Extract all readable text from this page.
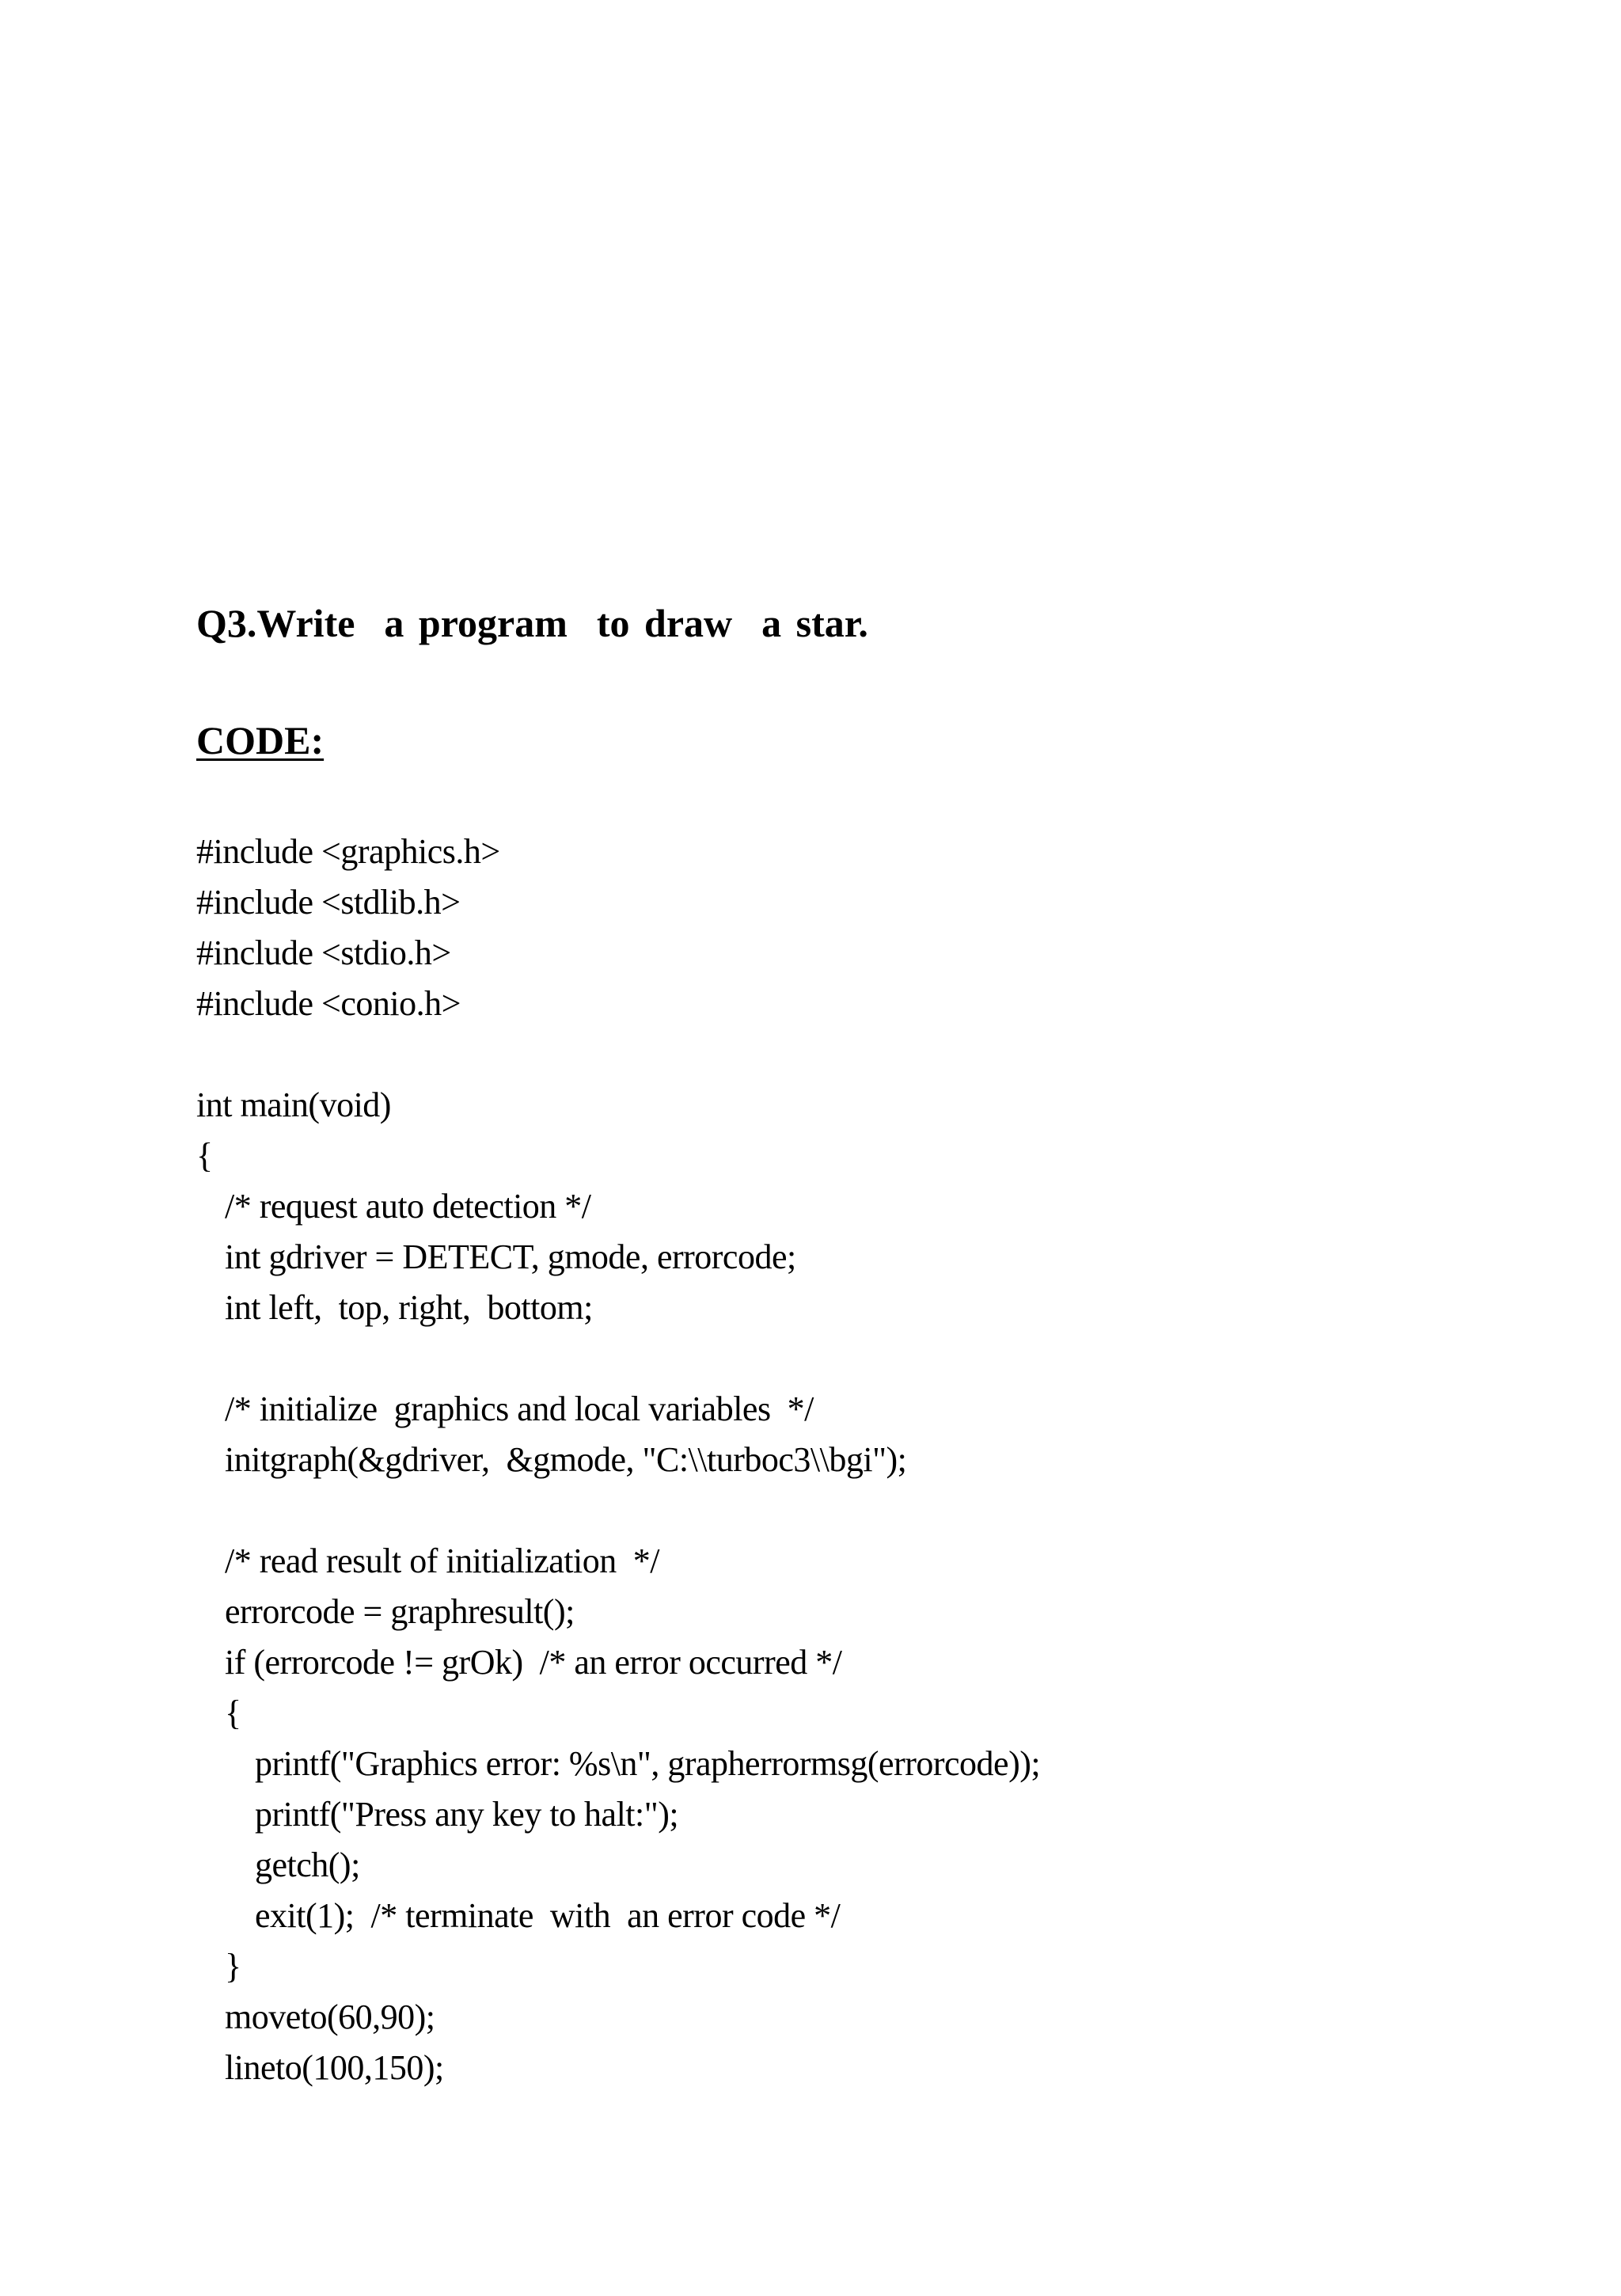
Q3.Write  a program  to draw  a star.
CODE:
#include <graphics.h>
#include <stdlib.h>
#include <stdio.h>
#include <conio.h>
int main(void)
{
/* request auto detection */
int gdriver = DETECT, gmode, errorcode;
int left,  top, right,  bottom;
/* initialize  graphics and local variables  */
initgraph(&gdriver,  &gmode, "C:\\turboc3\\bgi");
/* read result of initialization  */
errorcode = graphresult();
if (errorcode != grOk)  /* an error occurred */
{
printf("Graphics error: %s\n", grapherrormsg(errorcode));
printf("Press any key to halt:");
getch();
exit(1);  /* terminate  with  an error code */
}
moveto(60,90);
lineto(100,150);
